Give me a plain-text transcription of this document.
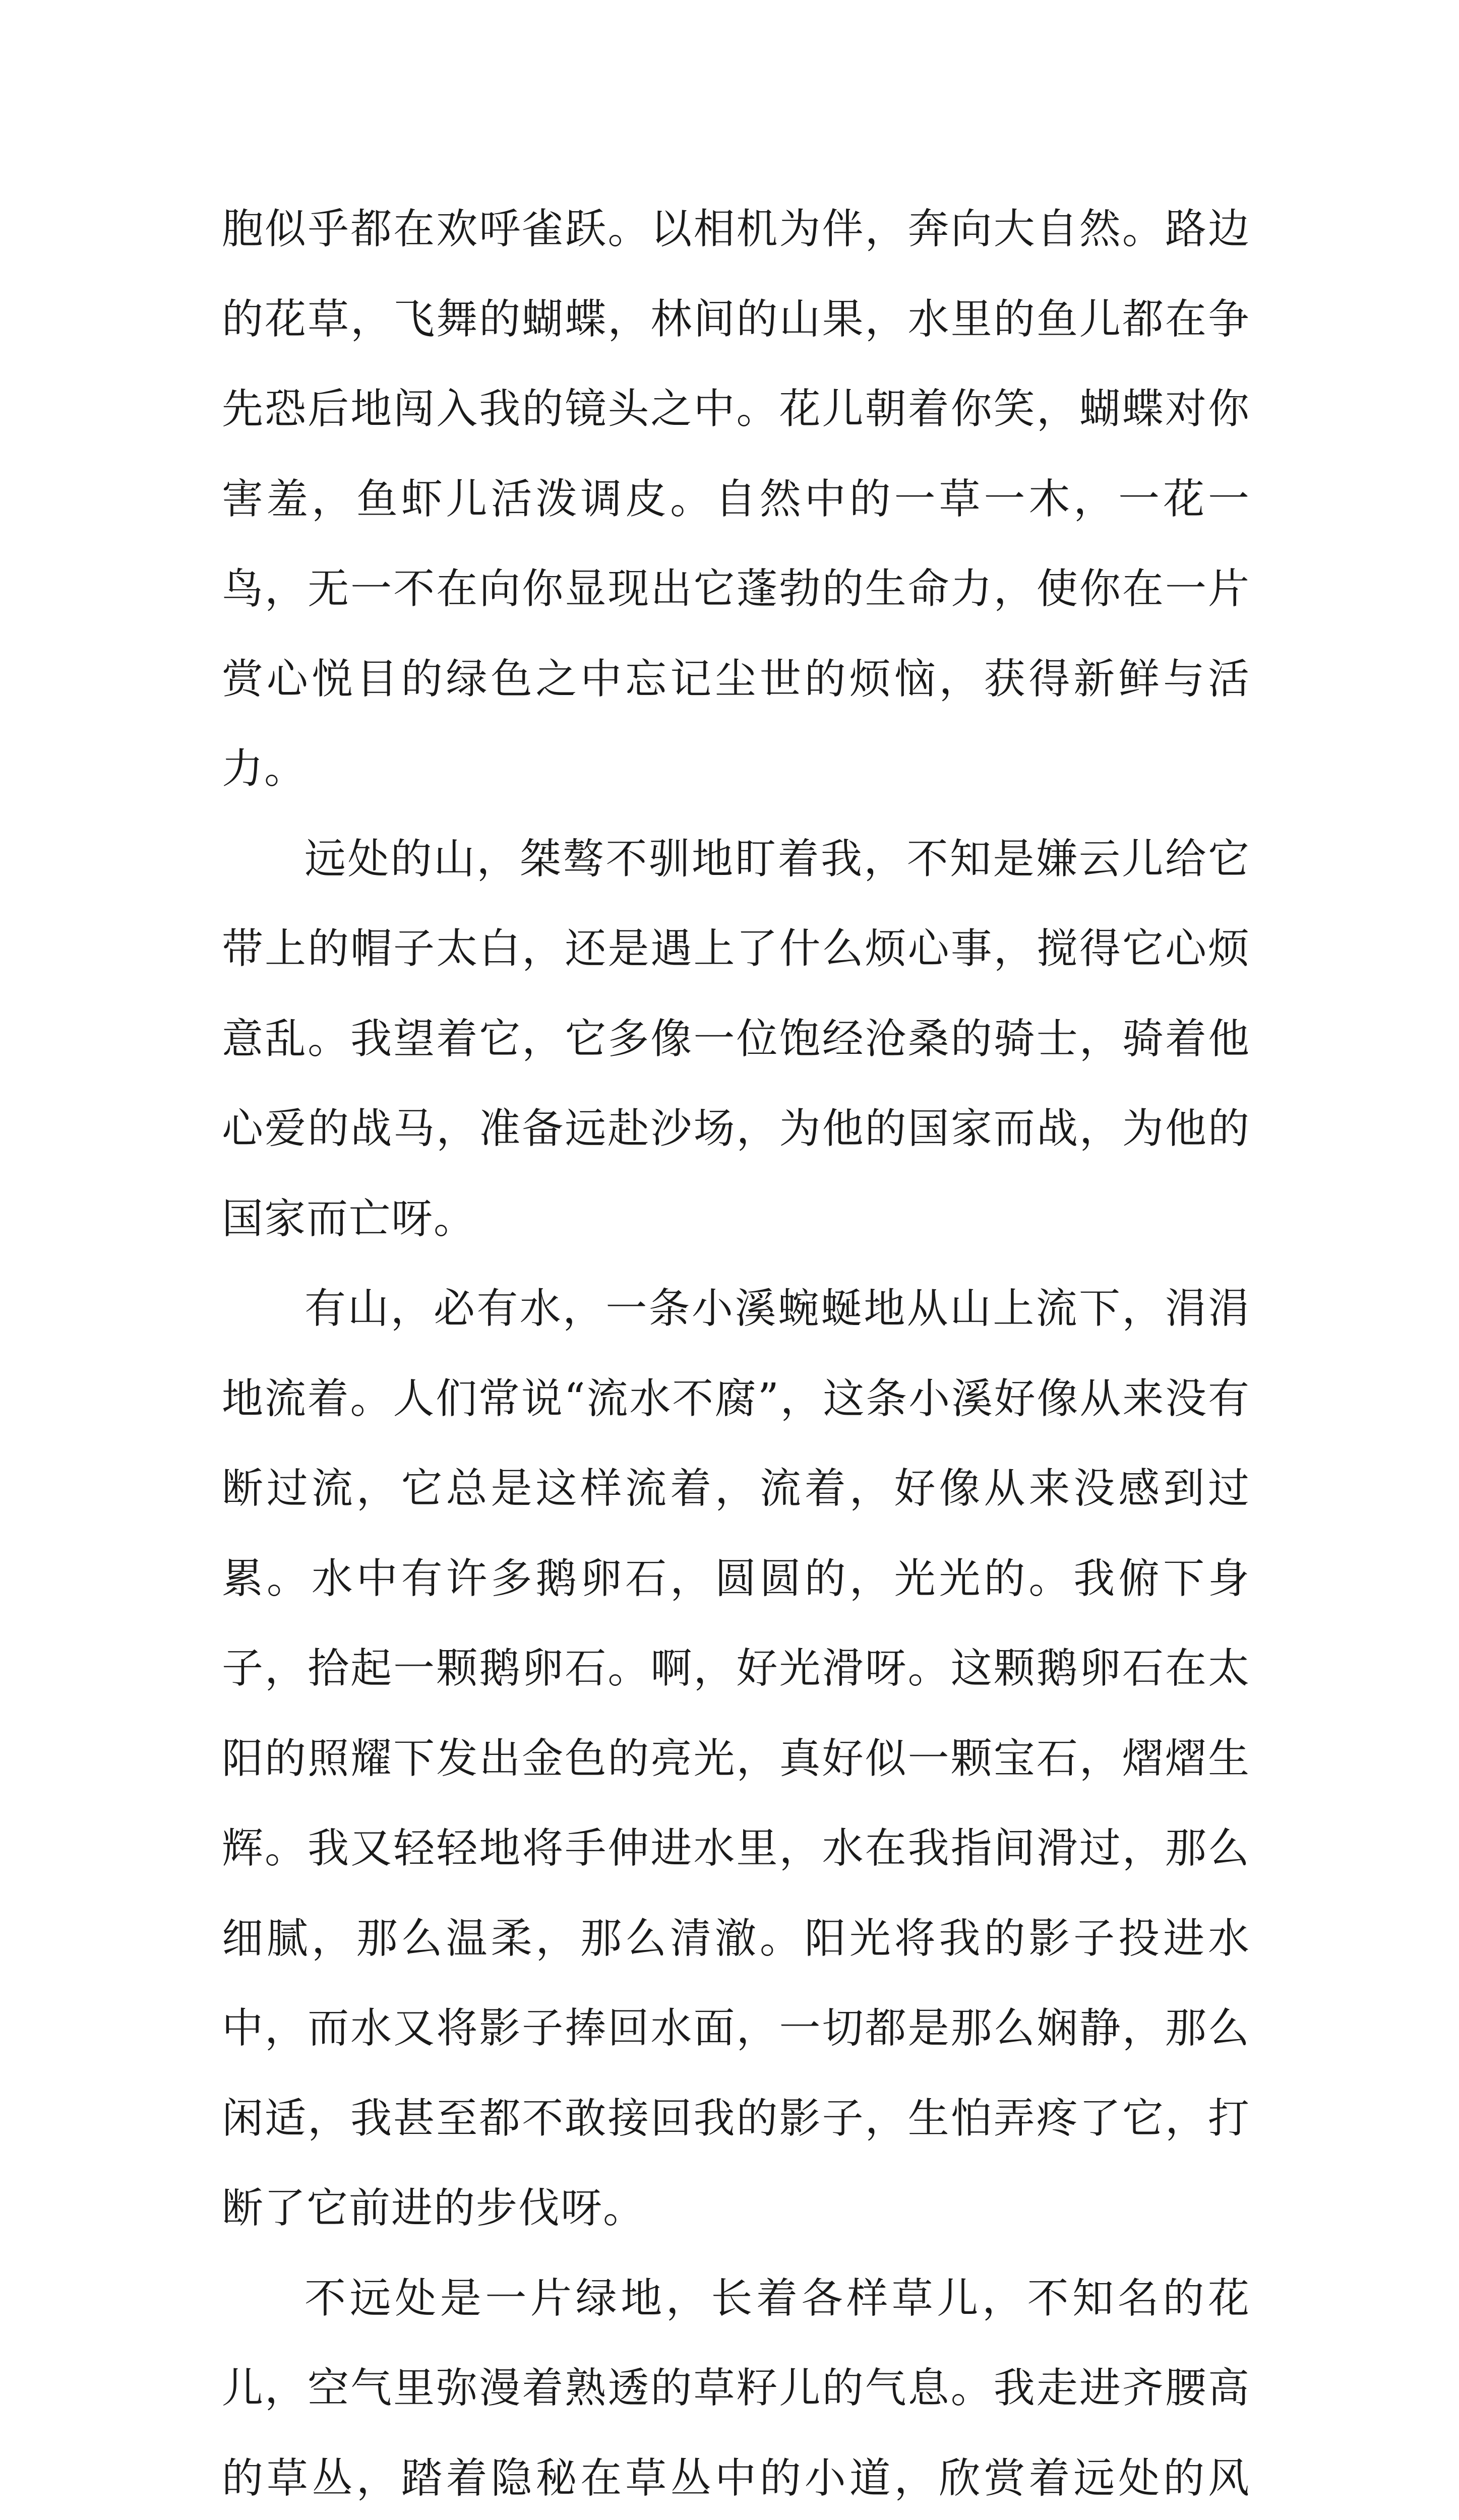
胞似乎都在欢呼雀跃。以相机为伴，奔向大自然。路边的花草，飞舞的蝴蝶，林间的山果，水里的鱼儿都在争先恐后地闯入我的镜头之中。花儿朝着你笑，蝴蝶对你害羞，鱼虾儿活泼调皮。自然中的一草一木，一花一鸟，无一不在向你显现出它蓬勃的生命力，使你在一片赏心悦目的绿色之中忘记尘世的烦恼，获得新鲜与活力。

远处的山，桀骜不驯地盯着我，不知是嫌云儿给它带上的帽子太白，还是遇上了什么烦心事，搅得它心烦意乱。我望着它，它多像一位饱经沧桑的骑士，骑着他心爱的战马，准备远赴沙场，为他的国家而战，为他的国家而亡呀。

有山，必有水，一条小溪蜿蜒地从山上流下，涓涓地流着。人们常说“流水不腐”，这条小溪好像从来没有断过流，它总是这样流着，流着，好像从来没感到过累。水中有许多鹅卵石，圆圆的，光光的。我俯下身子，拾起一颗鹅卵石。啊，好光滑呀。这颗鹅卵石在太阳的照耀下发出金色的亮光，真好似一颗宝石，熠熠生辉。我又轻轻地将手伸进水里，水在我指间滑过，那么细腻，那么温柔，那么清澈。阳光将我的影子投进水中，而水又将影子捧回水面，一切都是那么娴静，那么闲适，我甚至都不敢接回我的影子，生怕弄疼了它，打断了它前进的步伐呀。

不远处是一片绿地，长着各样草儿，不知名的花儿，空气里弥漫着熟透的草籽儿的气息。我走进齐腰高的草丛，踏着隐秘在草丛中的小道，欣赏着远处的风
